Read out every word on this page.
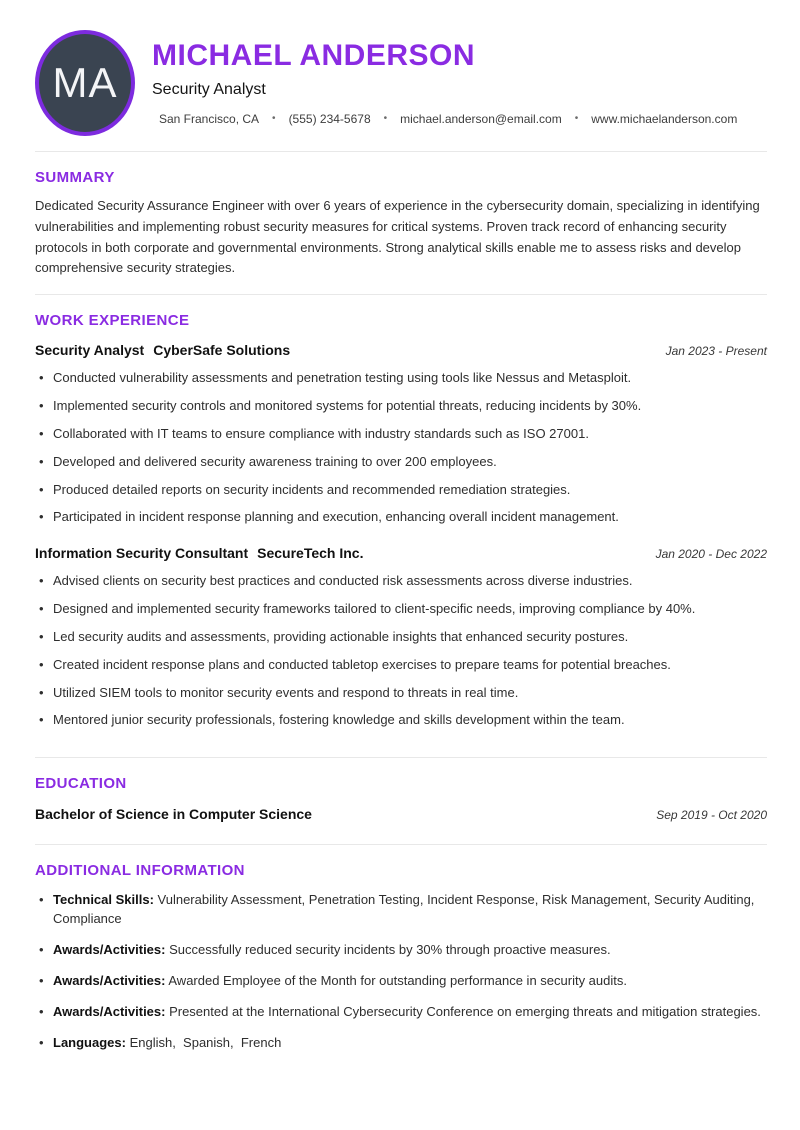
MA
MICHAEL ANDERSON
Security Analyst
San Francisco, CA • (555) 234-5678 • michael.anderson@email.com • www.michaelanderson.com
SUMMARY

Dedicated Security Assurance Engineer with over 6 years of experience in the cybersecurity domain, specializing in identifying vulnerabilities and implementing robust security measures for critical systems. Proven track record of enhancing security protocols in both corporate and governmental environments. Strong analytical skills enable me to assess risks and develop comprehensive security strategies.

WORK EXPERIENCE
Security Analyst CyberSafe Solutions	Jan 2023 - Present
• Conducted vulnerability assessments and penetration testing using tools like Nessus and Metasploit.
• Implemented security controls and monitored systems for potential threats, reducing incidents by 30%.
• Collaborated with IT teams to ensure compliance with industry standards such as ISO 27001.
• Developed and delivered security awareness training to over 200 employees.
• Produced detailed reports on security incidents and recommended remediation strategies.
• Participated in incident response planning and execution, enhancing overall incident management.
Information Security Consultant SecureTech Inc.	Jan 2020 - Dec 2022
• Advised clients on security best practices and conducted risk assessments across diverse industries.
• Designed and implemented security frameworks tailored to client-specific needs, improving compliance by 40%.
• Led security audits and assessments, providing actionable insights that enhanced security postures.
• Created incident response plans and conducted tabletop exercises to prepare teams for potential breaches.
• Utilized SIEM tools to monitor security events and respond to threats in real time.
• Mentored junior security professionals, fostering knowledge and skills development within the team.
EDUCATION
Bachelor of Science in Computer Science	Sep 2019 - Oct 2020
ADDITIONAL INFORMATION
• Technical Skills: Vulnerability Assessment, Penetration Testing, Incident Response, Risk Management, Security Auditing, Compliance
• Awards/Activities: Successfully reduced security incidents by 30% through proactive measures.
• Awards/Activities: Awarded Employee of the Month for outstanding performance in security audits.
• Awards/Activities: Presented at the International Cybersecurity Conference on emerging threats and mitigation strategies.
• Languages: English,  Spanish,  French
